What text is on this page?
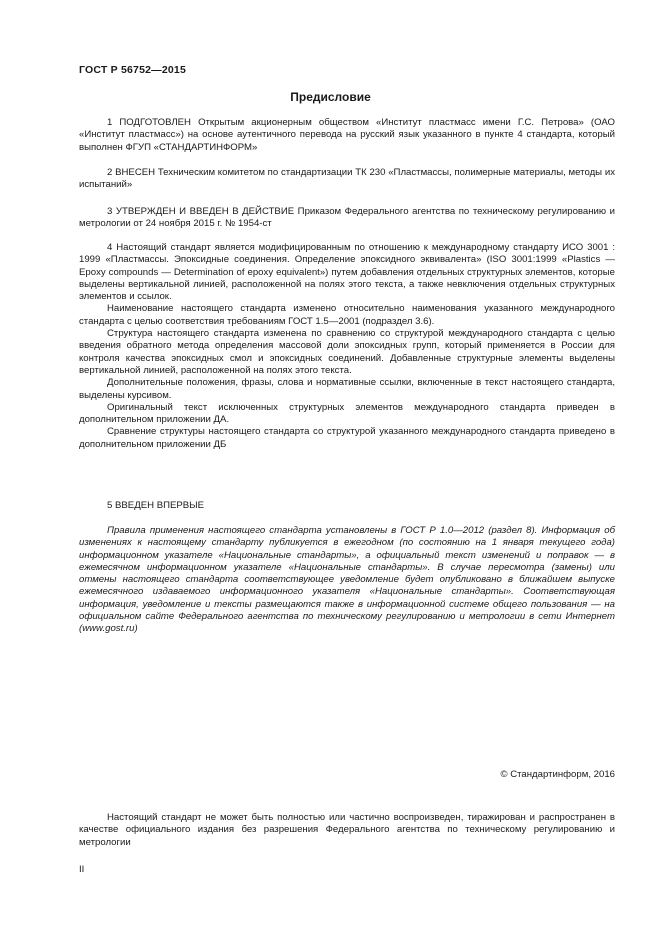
ГОСТ Р 56752—2015
Предисловие

1 ПОДГОТОВЛЕН Открытым акционерным обществом «Институт пластмасс имени Г.С. Петрова» (ОАО «Институт пластмасс») на основе аутентичного перевода на русский язык указанного в пункте 4 стандарта, который выполнен ФГУП «СТАНДАРТИНФОРМ»

2 ВНЕСЕН Техническим комитетом по стандартизации ТК 230 «Пластмассы, полимерные материалы, методы их испытаний»

3 УТВЕРЖДЕН И ВВЕДЕН В ДЕЙСТВИЕ Приказом Федерального агентства по техническому регулированию и метрологии от 24 ноября 2015 г. № 1954-ст

4 Настоящий стандарт является модифицированным по отношению к международному стандарту ИСО 3001 : 1999 «Пластмассы. Эпоксидные соединения. Определение эпоксидного эквивалента» (ISO 3001:1999 «Plastics — Epoxy compounds — Determination of epoxy equivalent») путем добавления отдельных структурных элементов, которые выделены вертикальной линией, расположенной на полях этого текста, а также невключения отдельных структурных элементов и ссылок.

Наименование настоящего стандарта изменено относительно наименования указанного международного стандарта с целью соответствия требованиям ГОСТ 1.5—2001 (подраздел 3.6).

Структура настоящего стандарта изменена по сравнению со структурой международного стандарта с целью введения обратного метода определения массовой доли эпоксидных групп, который применяется в России для контроля качества эпоксидных смол и эпоксидных соединений. Добавленные структурные элементы выделены вертикальной линией, расположенной на полях этого текста.

Дополнительные положения, фразы, слова и нормативные ссылки, включенные в текст настоящего стандарта, выделены курсивом.

Оригинальный текст исключенных структурных элементов международного стандарта приведен в дополнительном приложении ДА.

Сравнение структуры настоящего стандарта со структурой указанного международного стандарта приведено в дополнительном приложении ДБ

5 ВВЕДЕН ВПЕРВЫЕ

Правила применения настоящего стандарта установлены в ГОСТ Р 1.0—2012 (раздел 8). Информация об изменениях к настоящему стандарту публикуется в ежегодном (по состоянию на 1 января текущего года) информационном указателе «Национальные стандарты», а официальный текст изменений и поправок — в ежемесячном информационном указателе «Национальные стандарты». В случае пересмотра (замены) или отмены настоящего стандарта соответствующее уведомление будет опубликовано в ближайшем выпуске ежемесячного издаваемого информационного указателя «Национальные стандарты». Соответствующая информация, уведомление и тексты размещаются также в информационной системе общего пользования — на официальном сайте Федерального агентства по техническому регулированию и метрологии в сети Интернет (www.gost.ru)

© Стандартинформ, 2016

Настоящий стандарт не может быть полностью или частично воспроизведен, тиражирован и распространен в качестве официального издания без разрешения Федерального агентства по техническому регулированию и метрологии

II
